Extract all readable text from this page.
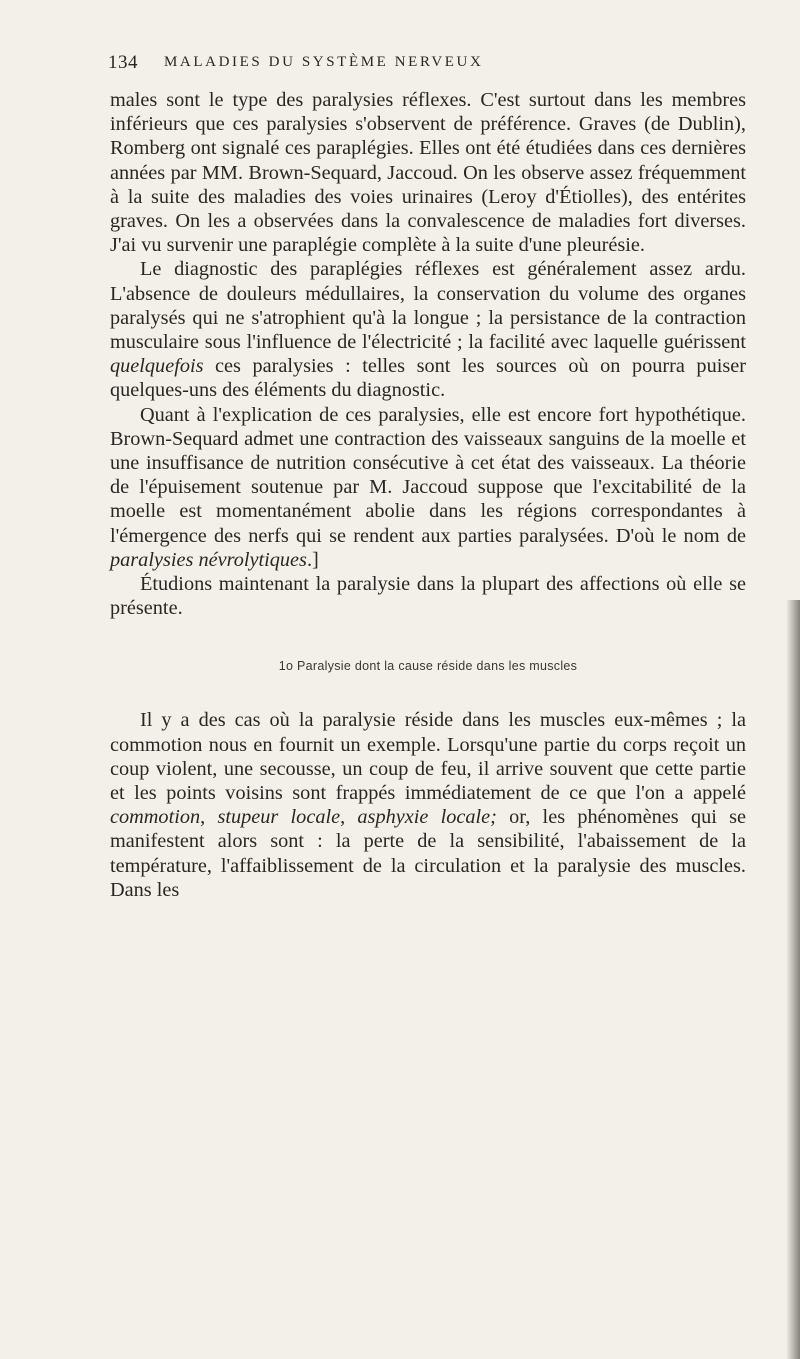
134 MALADIES DU SYSTÈME NERVEUX

males sont le type des paralysies réflexes. C'est surtout dans les membres inférieurs que ces paralysies s'observent de préférence. Graves (de Dublin), Romberg ont signalé ces paraplégies. Elles ont été étudiées dans ces dernières années par MM. Brown-Sequard, Jaccoud. On les observe assez fréquemment à la suite des maladies des voies urinaires (Leroy d'Étiolles), des entérites graves. On les a observées dans la convalescence de maladies fort diverses. J'ai vu survenir une paraplégie complète à la suite d'une pleurésie.

Le diagnostic des paraplégies réflexes est généralement assez ardu. L'absence de douleurs médullaires, la conservation du volume des organes paralysés qui ne s'atrophient qu'à la longue ; la persistance de la contraction musculaire sous l'influence de l'électricité ; la facilité avec laquelle guérissent quelquefois ces paralysies : telles sont les sources où on pourra puiser quelques-uns des éléments du diagnostic.

Quant à l'explication de ces paralysies, elle est encore fort hypothétique. Brown-Sequard admet une contraction des vaisseaux sanguins de la moelle et une insuffisance de nutrition consécutive à cet état des vaisseaux. La théorie de l'épuisement soutenue par M. Jaccoud suppose que l'excitabilité de la moelle est momentanément abolie dans les régions correspondantes à l'émergence des nerfs qui se rendent aux parties paralysées. D'où le nom de paralysies névrolytiques.]

Étudions maintenant la paralysie dans la plupart des affections où elle se présente.

1o Paralysie dont la cause réside dans les muscles

Il y a des cas où la paralysie réside dans les muscles eux-mêmes ; la commotion nous en fournit un exemple. Lorsqu'une partie du corps reçoit un coup violent, une secousse, un coup de feu, il arrive souvent que cette partie et les points voisins sont frappés immédiatement de ce que l'on a appelé commotion, stupeur locale, asphyxie locale; or, les phénomènes qui se manifestent alors sont : la perte de la sensibilité, l'abaissement de la température, l'affaiblissement de la circulation et la paralysie des muscles. Dans les
